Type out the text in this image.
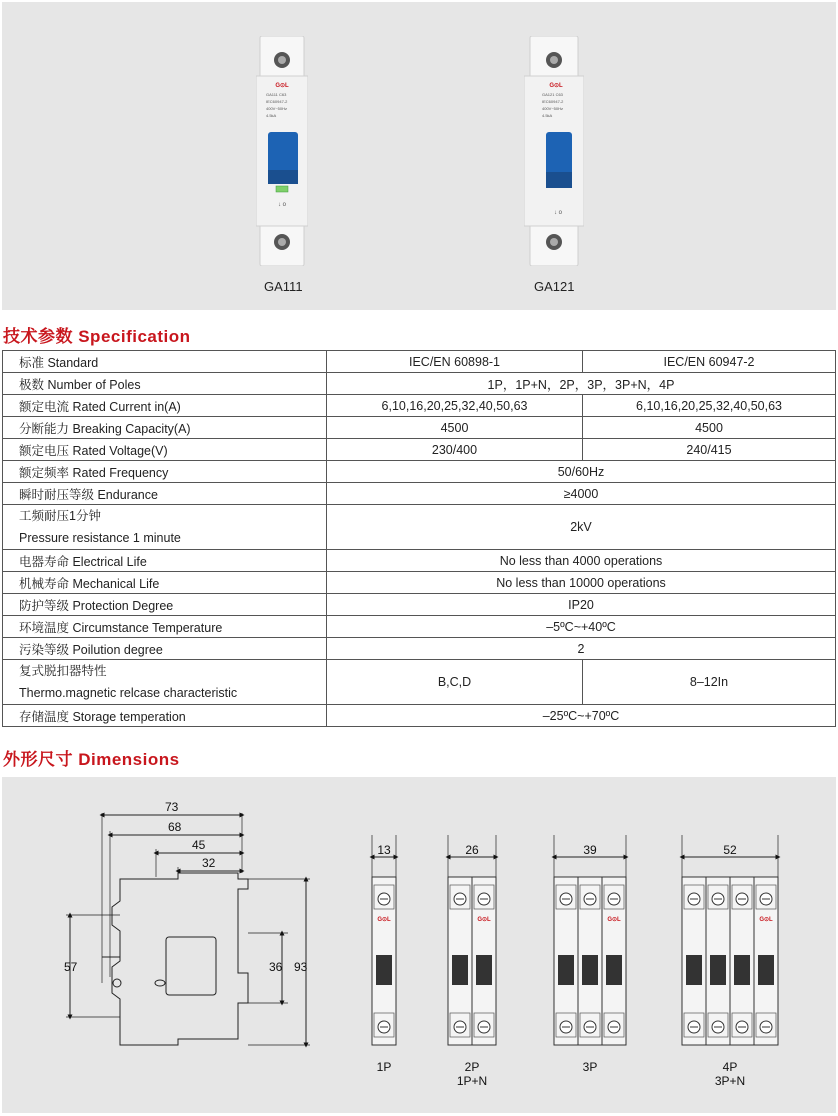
G⊙L
GA111 C63
IEC60947-2
400V~50Hz
4.5kA
↓ o
G⊙L
GA121 C63
IEC60947-2
400V~50Hz
4.5kA
↓ o
GA111	GA121
技术参数 Specification
标准 Standard	IEC/EN 60898-1	IEC/EN 60947-2
极数 Number of Poles	1P，1P+N，2P，3P，3P+N，4P	
额定电流 Rated Current in(A)	6,10,16,20,25,32,40,50,63	6,10,16,20,25,32,40,50,63
分断能力 Breaking Capacity(A)	4500	4500
额定电压 Rated Voltage(V)	230/400	240/415
额定频率 Rated Frequency	50/60Hz	
瞬时耐压等级 Endurance	≥4000	

工频耐压1分钟
Pressure resistance 1 minute	2kV	
电器寿命 Electrical Life	No less than 4000 operations	
机械寿命 Mechanical Life	No less than 10000 operations	
防护等级 Protection Degree	IP20	
环境温度 Circumstance Temperature	–5ºC~+40ºC	
污染等级 Poilution degree	2	

复式脱扣器特性
Thermo.magnetic relcase characteristic	B,C,D	8–12In
存储温度 Storage temperation	–25ºC~+70ºC	
外形尺寸 Dimensions
73
68
45
32
57	36 93
13
G⊙L
1P
26
G⊙L
2P
1P+N
39
G⊙L
3P
52
G⊙L
4P
3P+N
